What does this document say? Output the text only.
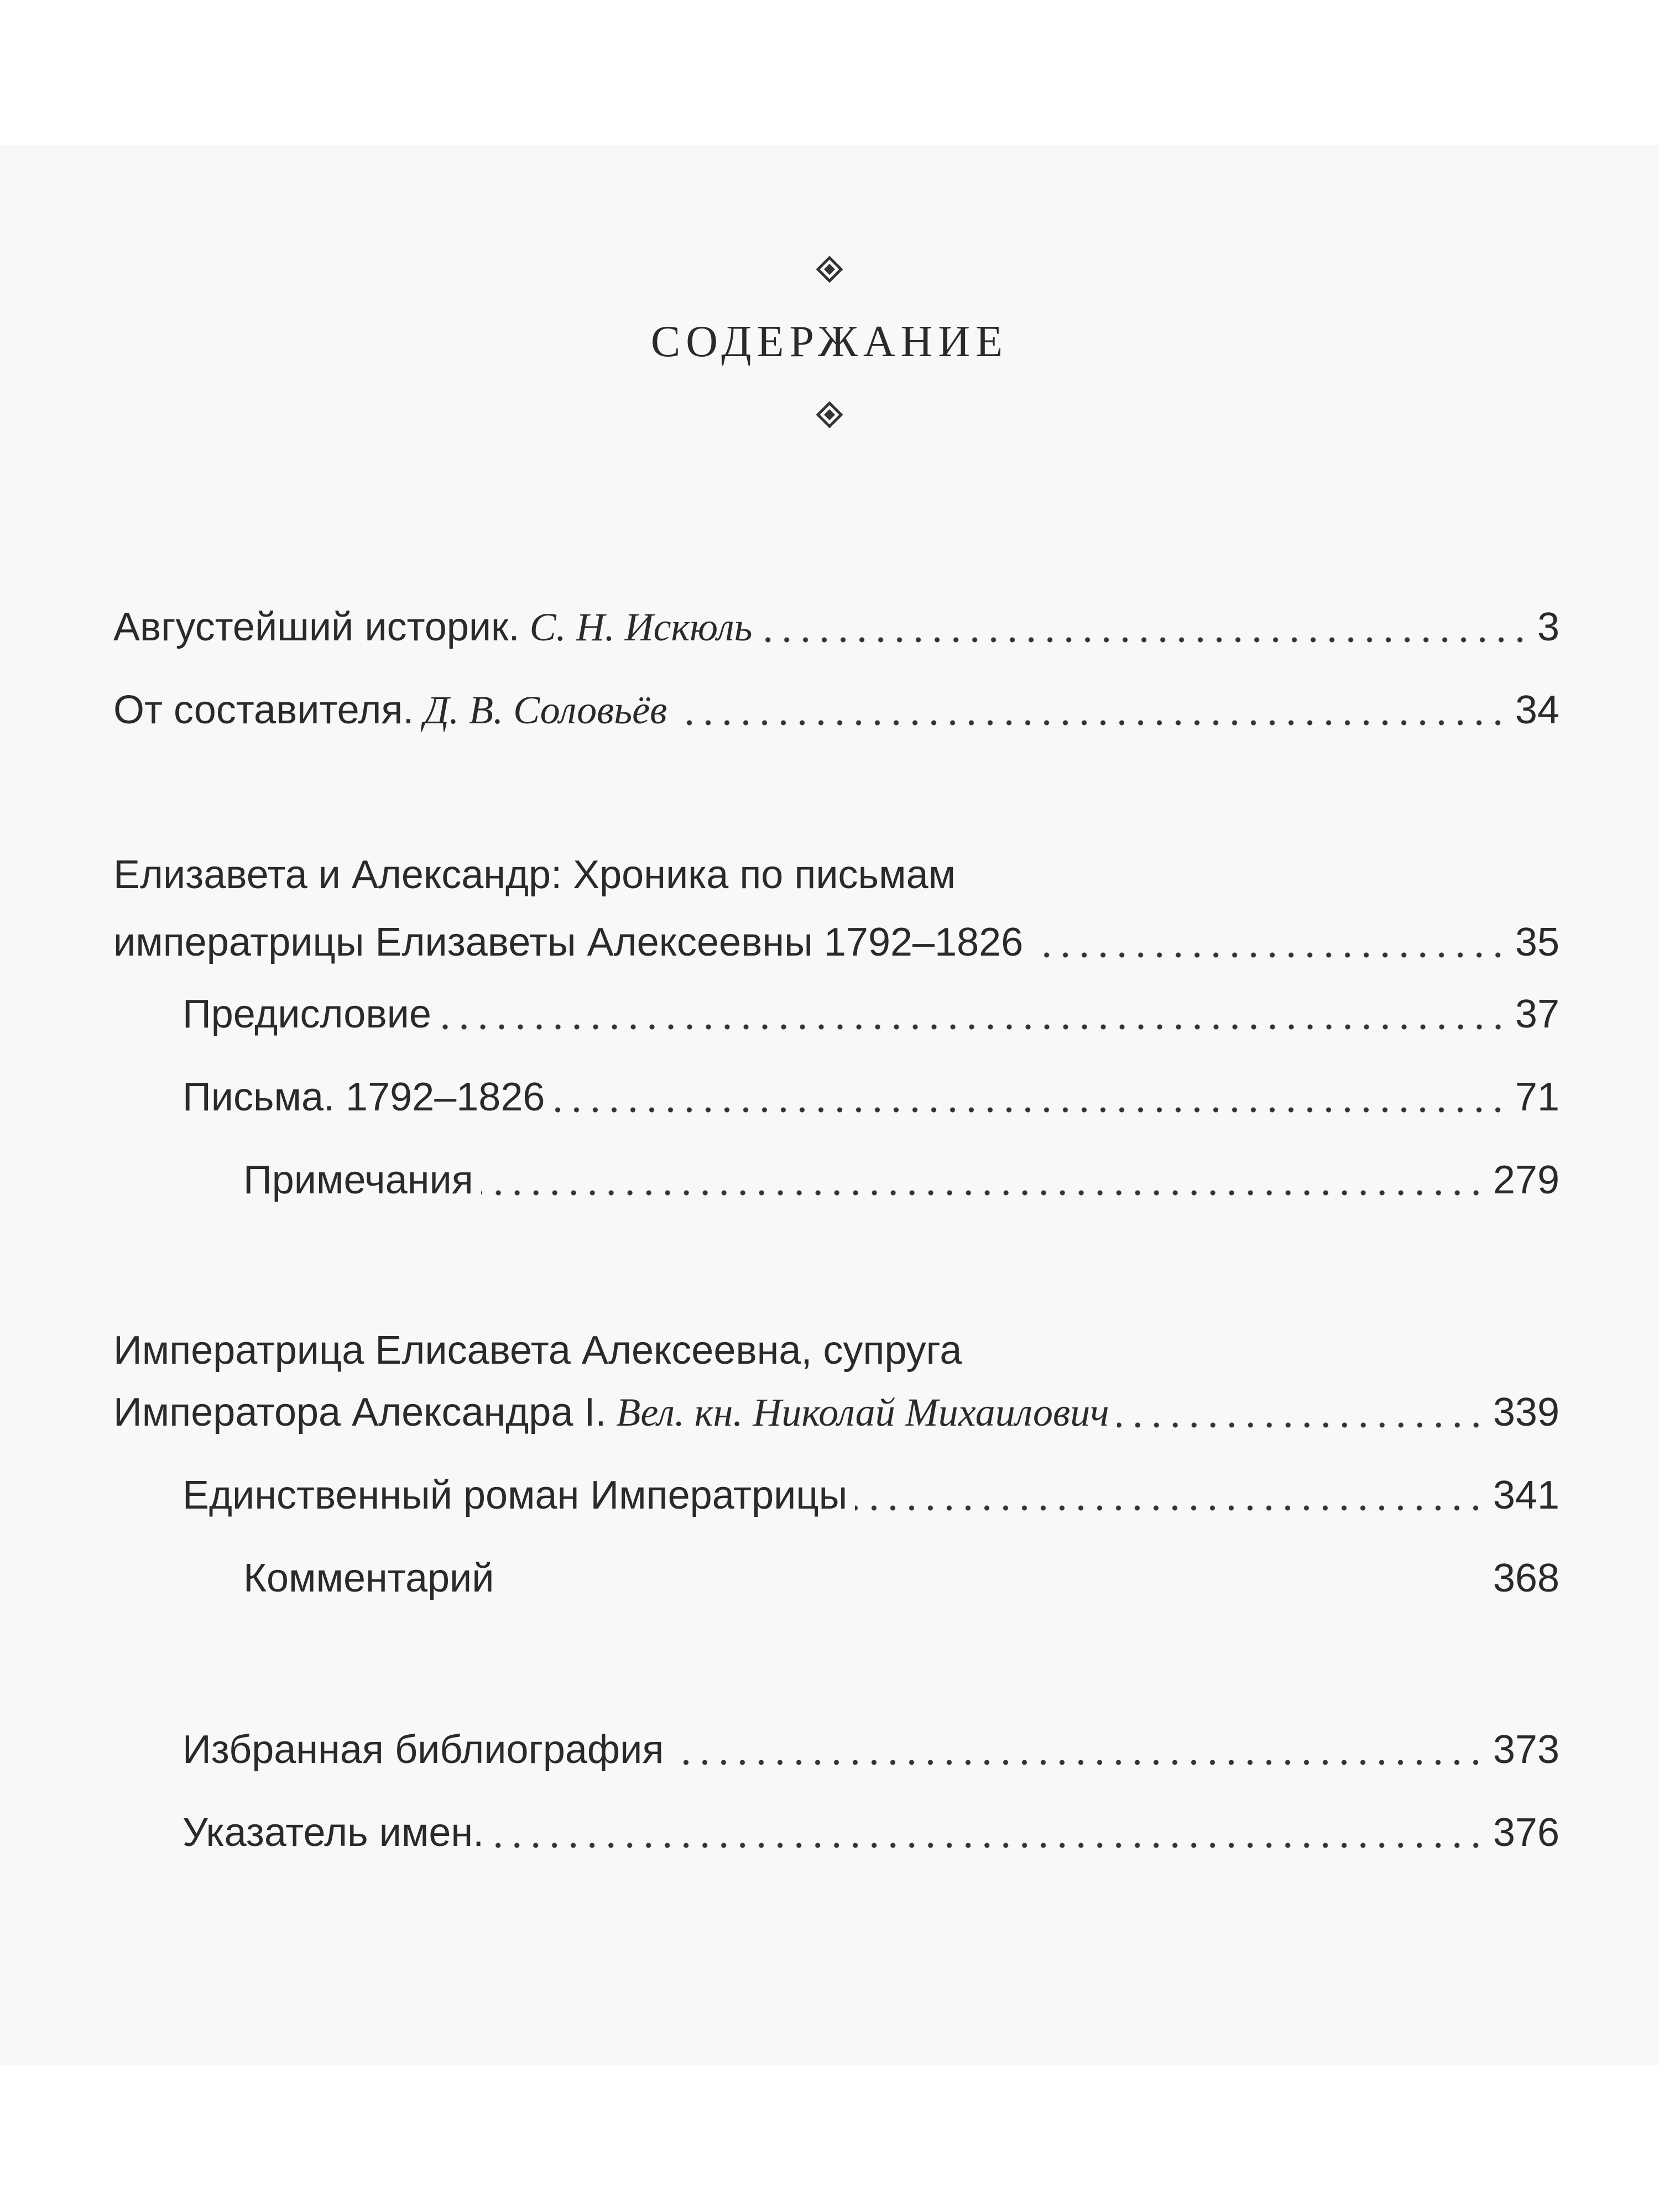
СОДЕРЖАНИЕ
Августейший историк. С. Н. Искюль	3
От составителя. Д. В. Соловьёв	34
Елизавета и Александр: Хроника по письмам
императрицы Елизаветы Алексеевны 1792–1826	35
Предисловие	37
Письма. 1792–1826	71
Примечания	279
Императрица Елисавета Алексеевна, супруга
Императора Александра I. Вел. кн. Николай Михаилович	339
Единственный роман Императрицы	341
Комментарий	368
Избранная библиография	373
Указатель имен.	376
